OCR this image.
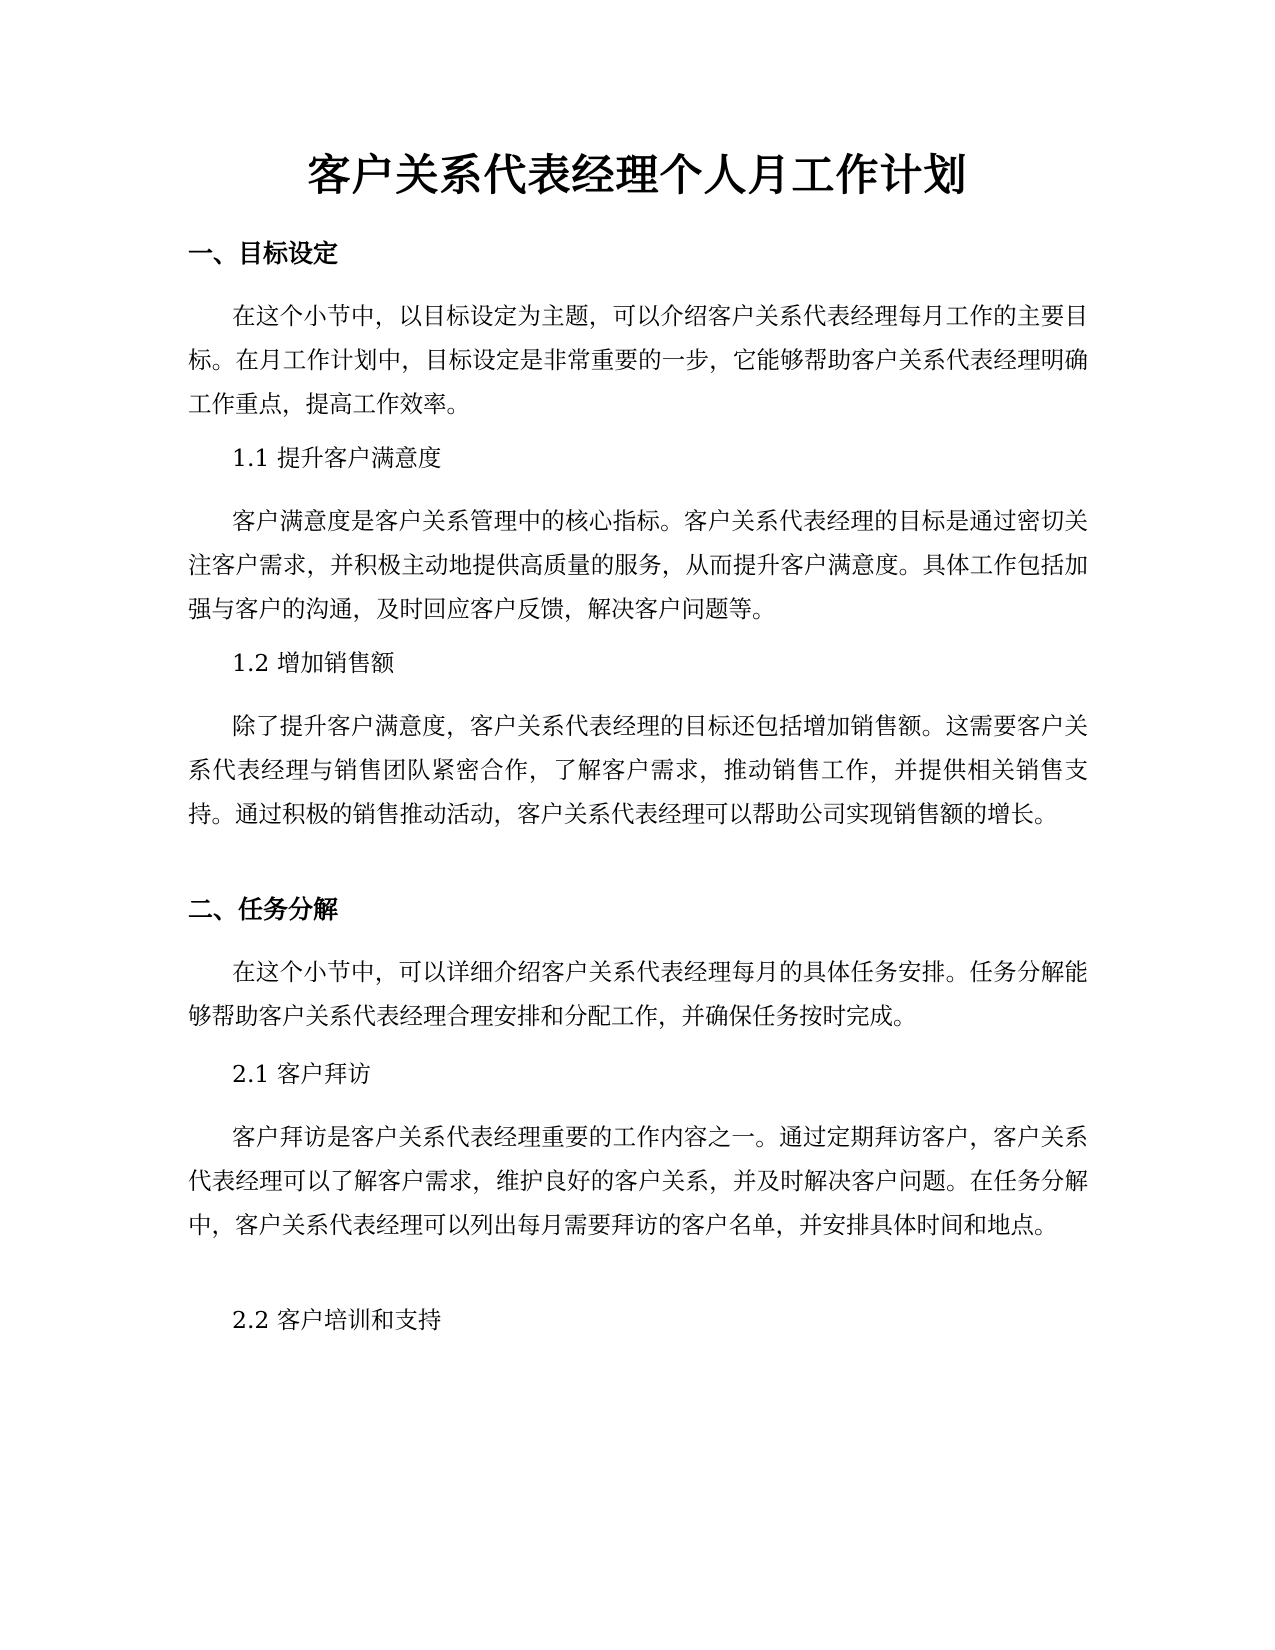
客户关系代表经理个人月工作计划
一、目标设定

在这个小节中，以目标设定为主题，可以介绍客户关系代表经理每月工作的主要目标。在月工作计划中，目标设定是非常重要的一步，它能够帮助客户关系代表经理明确工作重点，提高工作效率。

1.1 提升客户满意度

客户满意度是客户关系管理中的核心指标。客户关系代表经理的目标是通过密切关注客户需求，并积极主动地提供高质量的服务，从而提升客户满意度。具体工作包括加强与客户的沟通，及时回应客户反馈，解决客户问题等。

1.2 增加销售额

除了提升客户满意度，客户关系代表经理的目标还包括增加销售额。这需要客户关系代表经理与销售团队紧密合作，了解客户需求，推动销售工作，并提供相关销售支持。通过积极的销售推动活动，客户关系代表经理可以帮助公司实现销售额的增长。

二、任务分解

在这个小节中，可以详细介绍客户关系代表经理每月的具体任务安排。任务分解能够帮助客户关系代表经理合理安排和分配工作，并确保任务按时完成。

2.1 客户拜访

客户拜访是客户关系代表经理重要的工作内容之一。通过定期拜访客户，客户关系代表经理可以了解客户需求，维护良好的客户关系，并及时解决客户问题。在任务分解中，客户关系代表经理可以列出每月需要拜访的客户名单，并安排具体时间和地点。

2.2 客户培训和支持
